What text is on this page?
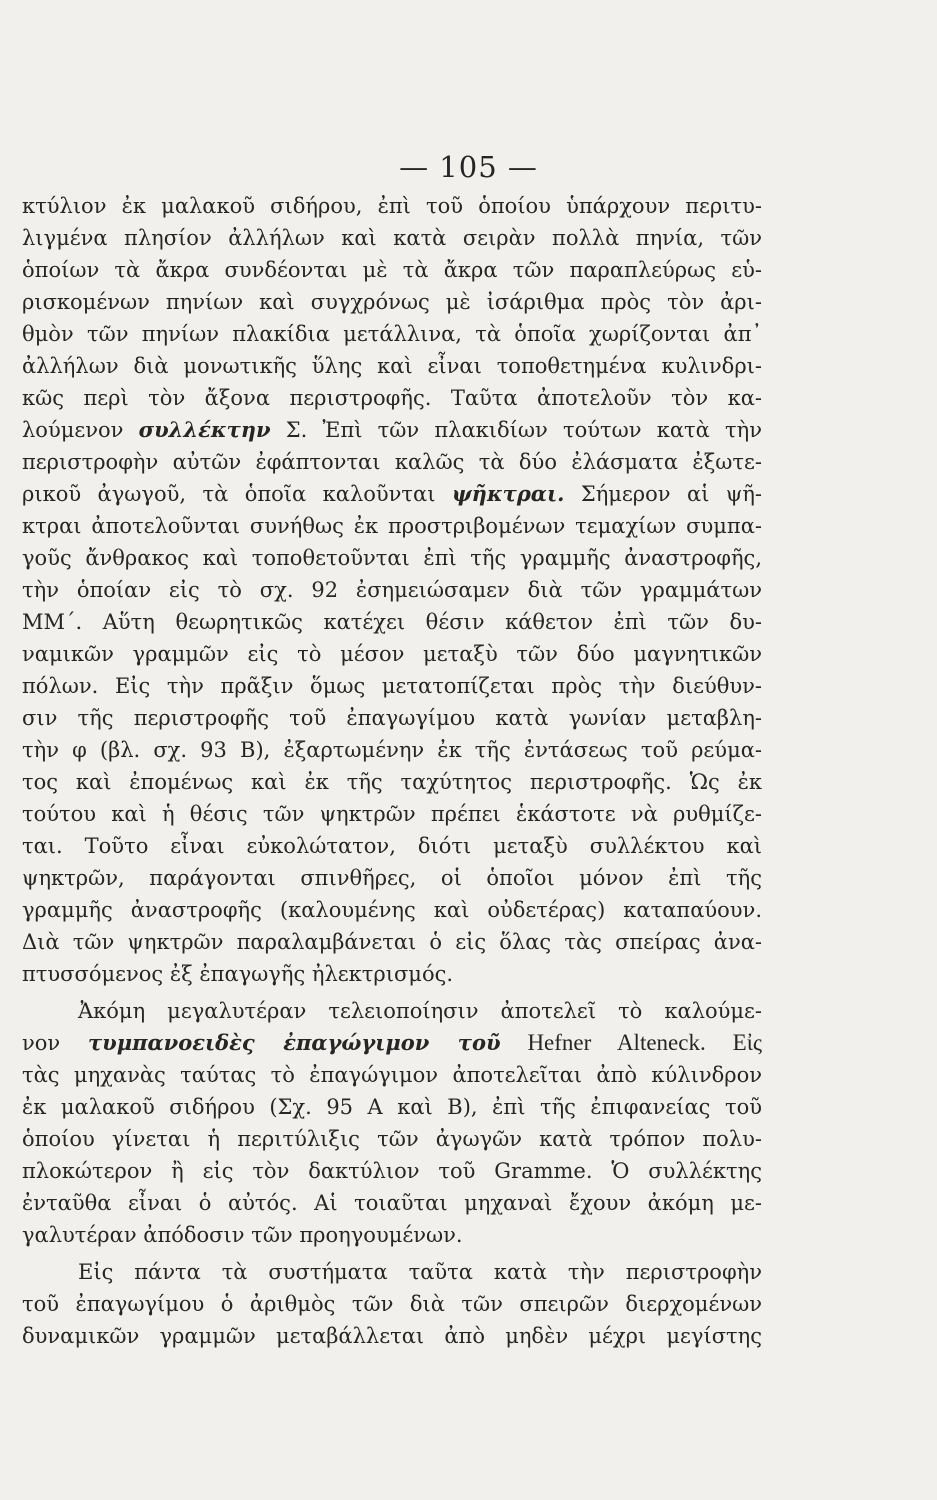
— 105 —
κτύλιον ἐκ μαλακοῦ σιδήρου, ἐπὶ τοῦ ὁποίου ὑπάρχουν περιτυ-
λιγμένα πλησίον ἀλλήλων καὶ κατὰ σειρὰν πολλὰ πηνία, τῶν
ὁποίων τὰ ἄκρα συνδέονται μὲ τὰ ἄκρα τῶν παραπλεύρως εὑ-
ρισκομένων πηνίων καὶ συγχρόνως μὲ ἰσάριθμα πρὸς τὸν ἀρι-
θμὸν τῶν πηνίων πλακίδια μετάλλινα, τὰ ὁποῖα χωρίζονται ἀπ᾿
ἀλλήλων διὰ μονωτικῆς ὕλης καὶ εἶναι τοποθετημένα κυλινδρι-
κῶς περὶ τὸν ἄξονα περιστροφῆς. Ταῦτα ἀποτελοῦν τὸν κα-
λούμενον συλλέκτην Σ. Ἐπὶ τῶν πλακιδίων τούτων κατὰ τὴν
περιστροφὴν αὐτῶν ἐφάπτονται καλῶς τὰ δύο ἐλάσματα ἐξωτε-
ρικοῦ ἀγωγοῦ, τὰ ὁποῖα καλοῦνται ψῆκτραι. Σήμερον αἱ ψῆ-
κτραι ἀποτελοῦνται συνήθως ἐκ προστριβομένων τεμαχίων συμπα-
γοῦς ἄνθρακος καὶ τοποθετοῦνται ἐπὶ τῆς γραμμῆς ἀναστροφῆς,
τὴν ὁποίαν εἰς τὸ σχ. 92 ἐσημειώσαμεν διὰ τῶν γραμμάτων
ΜΜ΄. Αὕτη θεωρητικῶς κατέχει θέσιν κάθετον ἐπὶ τῶν δυ-
ναμικῶν γραμμῶν εἰς τὸ μέσον μεταξὺ τῶν δύο μαγνητικῶν
πόλων. Εἰς τὴν πρᾶξιν ὅμως μετατοπίζεται πρὸς τὴν διεύθυν-
σιν τῆς περιστροφῆς τοῦ ἐπαγωγίμου κατὰ γωνίαν μεταβλη-
τὴν φ (βλ. σχ. 93 Β), ἐξαρτωμένην ἐκ τῆς ἐντάσεως τοῦ ρεύμα-
τος καὶ ἐπομένως καὶ ἐκ τῆς ταχύτητος περιστροφῆς. Ὡς ἐκ
τούτου καὶ ἡ θέσις τῶν ψηκτρῶν πρέπει ἑκάστοτε νὰ ρυθμίζε-
ται. Τοῦτο εἶναι εὐκολώτατον, διότι μεταξὺ συλλέκτου καὶ
ψηκτρῶν, παράγονται σπινθῆρες, οἱ ὁποῖοι μόνον ἐπὶ τῆς
γραμμῆς ἀναστροφῆς (καλουμένης καὶ οὐδετέρας) καταπαύουν.
Διὰ τῶν ψηκτρῶν παραλαμβάνεται ὁ εἰς ὅλας τὰς σπείρας ἀνα-
πτυσσόμενος ἐξ ἐπαγωγῆς ἠλεκτρισμός.
Ἀκόμη μεγαλυτέραν τελειοποίησιν ἀποτελεῖ τὸ καλούμε-
νον τυμπανοειδὲς ἐπαγώγιμον τοῦ Hefner Alteneck. Εἰς
τὰς μηχανὰς ταύτας τὸ ἐπαγώγιμον ἀποτελεῖται ἀπὸ κύλινδρον
ἐκ μαλακοῦ σιδήρου (Σχ. 95 Α καὶ Β), ἐπὶ τῆς ἐπιφανείας τοῦ
ὁποίου γίνεται ἡ περιτύλιξις τῶν ἀγωγῶν κατὰ τρόπον πολυ-
πλοκώτερον ἢ εἰς τὸν δακτύλιον τοῦ Gramme. Ὁ συλλέκτης
ἐνταῦθα εἶναι ὁ αὐτός. Αἱ τοιαῦται μηχαναὶ ἔχουν ἀκόμη με-
γαλυτέραν ἀπόδοσιν τῶν προηγουμένων.
Εἰς πάντα τὰ συστήματα ταῦτα κατὰ τὴν περιστροφὴν
τοῦ ἐπαγωγίμου ὁ ἀριθμὸς τῶν διὰ τῶν σπειρῶν διερχομένων
δυναμικῶν γραμμῶν μεταβάλλεται ἀπὸ μηδὲν μέχρι μεγίστης
